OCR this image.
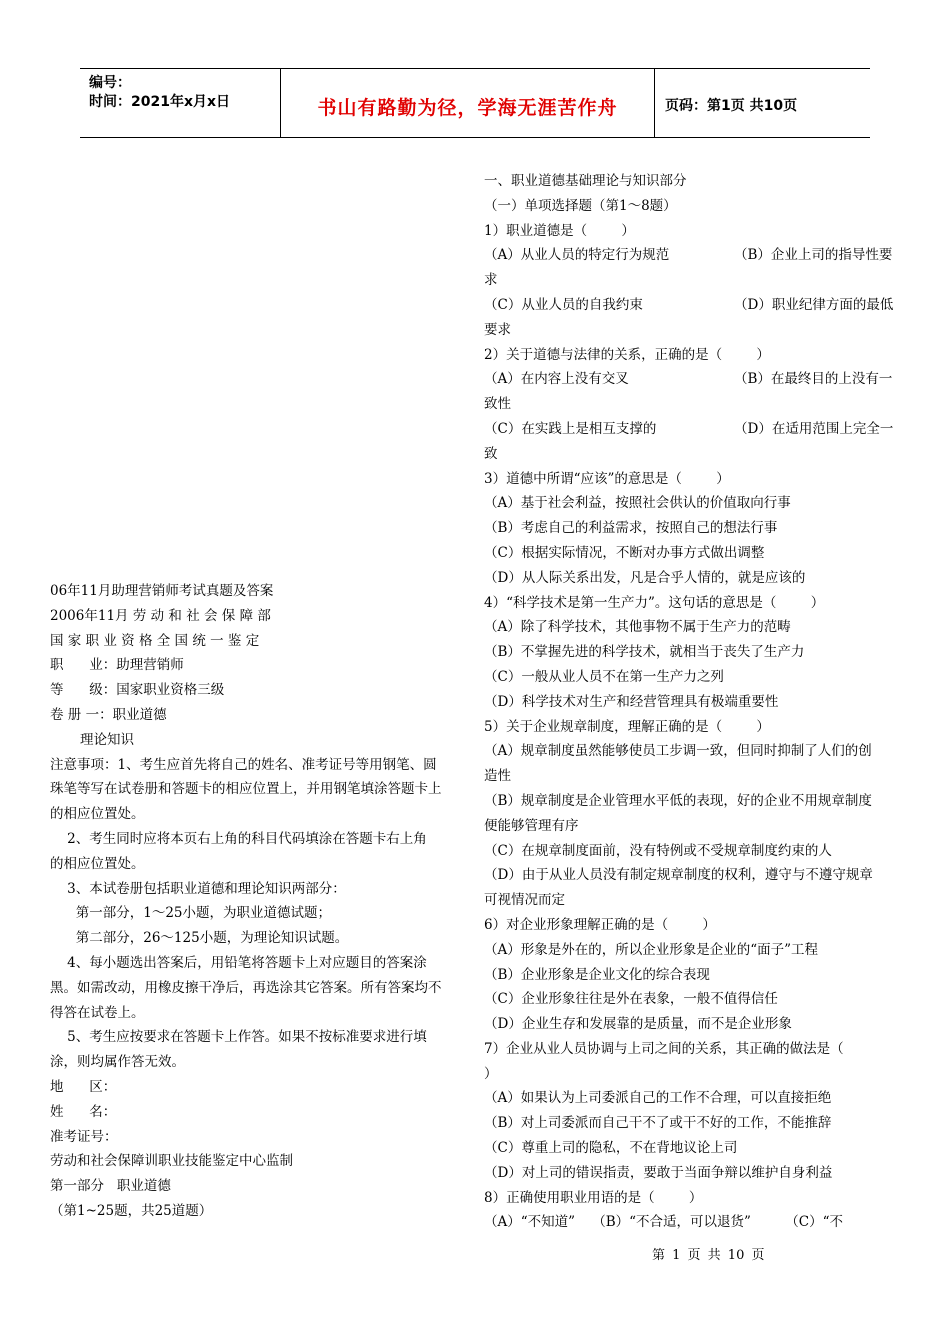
编号：
时间：2021年x月x日	书山有路勤为径，学海无涯苦作舟	页码：第1页 共10页

06年11月助理营销师考试真题及答案

2006年11月 劳 动 和 社 会 保 障 部

国 家 职 业 资 格 全 国 统 一 鉴 定

职      业：助理营销师

等      级：国家职业资格三级

卷 册 一：职业道德

理论知识

注意事项：1、考生应首先将自己的姓名、准考证号等用钢笔、圆

珠笔等写在试卷册和答题卡的相应位置上，并用钢笔填涂答题卡上

的相应位置处。

2、考生同时应将本页右上角的科目代码填涂在答题卡右上角

的相应位置处。

3、本试卷册包括职业道德和理论知识两部分：

第一部分，1～25小题，为职业道德试题；

第二部分，26～125小题，为理论知识试题。

4、每小题选出答案后，用铅笔将答题卡上对应题目的答案涂

黑。如需改动，用橡皮擦干净后，再选涂其它答案。所有答案均不

得答在试卷上。

5、考生应按要求在答题卡上作答。如果不按标准要求进行填

涂，则均属作答无效。

地      区：

姓      名：

准考证号：

劳动和社会保障训职业技能鉴定中心监制

第一部分   职业道德

（第1~25题，共25道题）

一、职业道德基础理论与知识部分

（一）单项选择题（第1～8题）

1）职业道德是（        ）

（A）从业人员的特定行为规范	（B）企业上司的指导性要

求

（C）从业人员的自我约束	（D）职业纪律方面的最低

要求

2）关于道德与法律的关系，正确的是（        ）

（A）在内容上没有交叉	（B）在最终目的上没有一

致性

（C）在实践上是相互支撑的	（D）在适用范围上完全一

致

3）道德中所谓“应该”的意思是（        ）

（A）基于社会利益，按照社会供认的价值取向行事

（B）考虑自己的利益需求，按照自己的想法行事

（C）根据实际情况，不断对办事方式做出调整

（D）从人际关系出发，凡是合乎人情的，就是应该的

4）“科学技术是第一生产力”。这句话的意思是（        ）

（A）除了科学技术，其他事物不属于生产力的范畴

（B）不掌握先进的科学技术，就相当于丧失了生产力

（C）一般从业人员不在第一生产力之列

（D）科学技术对生产和经营管理具有极端重要性

5）关于企业规章制度，理解正确的是（        ）

（A）规章制度虽然能够使员工步调一致，但同时抑制了人们的创

造性

（B）规章制度是企业管理水平低的表现，好的企业不用规章制度

便能够管理有序

（C）在规章制度面前，没有特例或不受规章制度约束的人

（D）由于从业人员没有制定规章制度的权利，遵守与不遵守规章

可视情况而定

6）对企业形象理解正确的是（        ）

（A）形象是外在的，所以企业形象是企业的“面子”工程

（B）企业形象是企业文化的综合表现

（C）企业形象往往是外在表象，一般不值得信任

（D）企业生存和发展靠的是质量，而不是企业形象

7）企业从业人员协调与上司之间的关系，其正确的做法是（

）

（A）如果认为上司委派自己的工作不合理，可以直接拒绝

（B）对上司委派而自己干不了或干不好的工作，不能推辞

（C）尊重上司的隐私，不在背地议论上司

（D）对上司的错误指责，要敢于当面争辩以维护自身利益

8）正确使用职业用语的是（        ）

（A）“不知道”    （B）“不合适，可以退货”        （C）“不

第 1 页 共 10 页
